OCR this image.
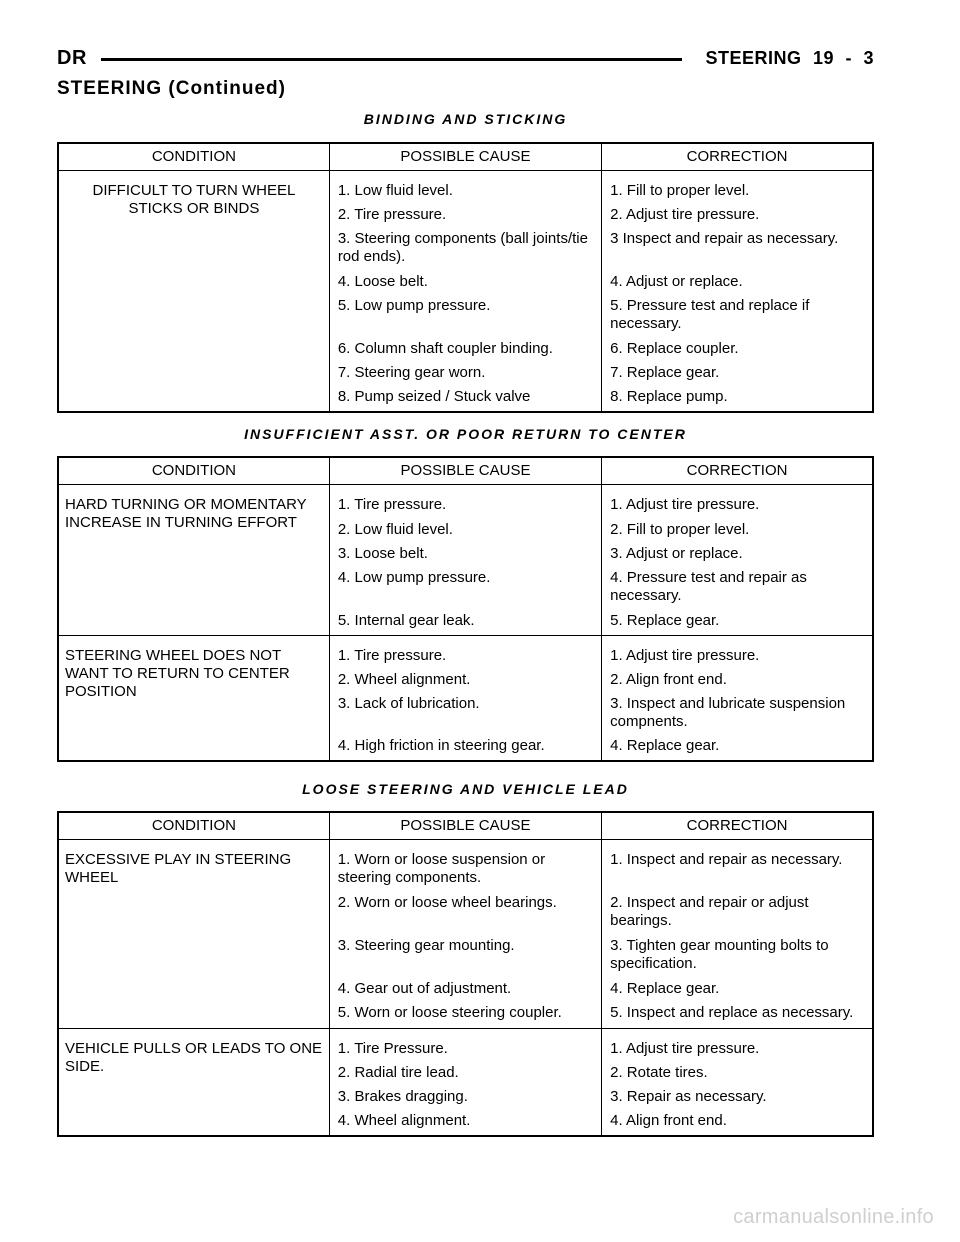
DR	STEERING 19 - 3
STEERING (Continued)
BINDING AND STICKING
CONDITION	POSSIBLE CAUSE	CORRECTION
DIFFICULT TO TURN WHEEL STICKS OR BINDS	1. Low fluid level.	1. Fill to proper level.
	2. Tire pressure.	2. Adjust tire pressure.
	3. Steering components (ball joints/tie rod ends).	3 Inspect and repair as necessary.
	4. Loose belt.	4. Adjust or replace.
	5. Low pump pressure.	5. Pressure test and replace if necessary.
	6. Column shaft coupler binding.	6. Replace coupler.
	7. Steering gear worn.	7. Replace gear.
	8. Pump seized / Stuck valve	8. Replace pump.

INSUFFICIENT ASST. OR POOR RETURN TO CENTER
CONDITION	POSSIBLE CAUSE	CORRECTION
HARD TURNING OR MOMENTARY INCREASE IN TURNING EFFORT	1. Tire pressure.	1. Adjust tire pressure.
	2. Low fluid level.	2. Fill to proper level.
	3. Loose belt.	3. Adjust or replace.
	4. Low pump pressure.	4. Pressure test and repair as necessary.
	5. Internal gear leak.	5. Replace gear.

STEERING WHEEL DOES NOT WANT TO RETURN TO CENTER POSITION	1. Tire pressure.	1. Adjust tire pressure.
	2. Wheel alignment.	2. Align front end.
	3. Lack of lubrication.	3. Inspect and lubricate suspension compnents.
	4. High friction in steering gear.	4. Replace gear.

LOOSE STEERING AND VEHICLE LEAD
CONDITION	POSSIBLE CAUSE	CORRECTION
EXCESSIVE PLAY IN STEERING WHEEL	1. Worn or loose suspension or steering components.	1. Inspect and repair as necessary.
	2. Worn or loose wheel bearings.	2. Inspect and repair or adjust bearings.
	3. Steering gear mounting.	3. Tighten gear mounting bolts to specification.
	4. Gear out of adjustment.	4. Replace gear.
	5. Worn or loose steering coupler.	5. Inspect and replace as necessary.

VEHICLE PULLS OR LEADS TO ONE SIDE.	1. Tire Pressure.	1. Adjust tire pressure.
	2. Radial tire lead.	2. Rotate tires.
	3. Brakes dragging.	3. Repair as necessary.
	4. Wheel alignment.	4. Align front end.

carmanualsonline.info
